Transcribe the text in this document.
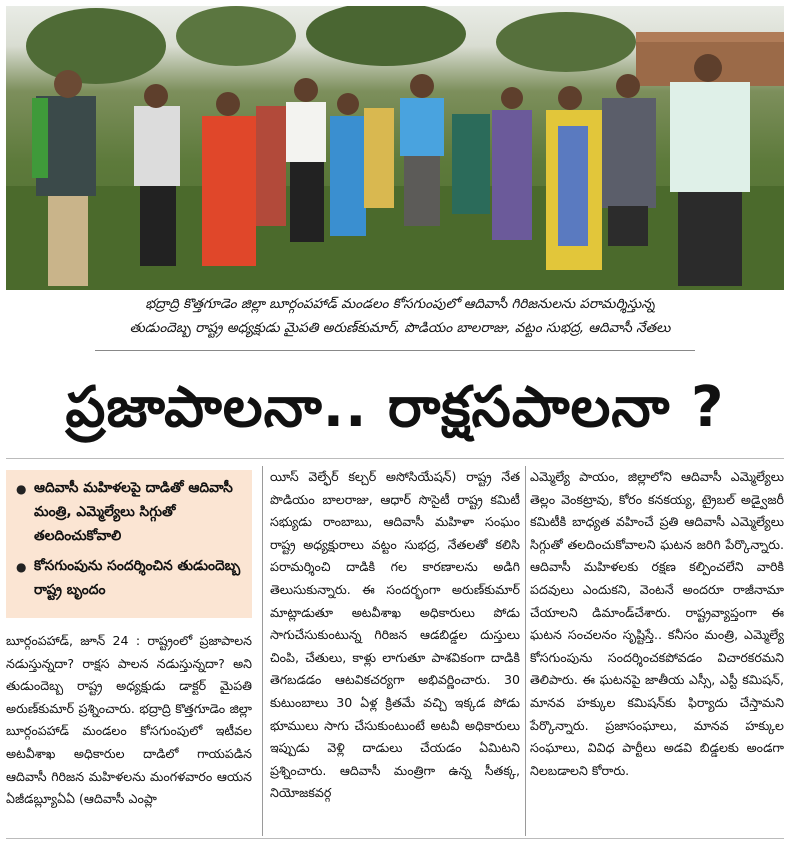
భద్రాద్రి కొత్తగూడెం జిల్లా బూర్గంపహాడ్ మండలం కోసగుంపులో ఆదివాసీ గిరిజనులను పరామర్శిస్తున్న
తుడుందెబ్బ రాష్ట్ర అధ్యక్షుడు మైపతి అరుణ్‌కుమార్, పొడియం బాలరాజు, వట్టం సుభద్ర, ఆదివాసీ నేతలు
ప్రజాపాలనా.. రాక్షసపాలనా ?
● ఆదివాసీ మహిళలపై దాడితో ఆదివాసీ మంత్రి, ఎమ్మెల్యేలు సిగ్గుతో తలదించుకోవాలి
● కోసగుంపును సందర్శించిన తుడుందెబ్బ రాష్ట్ర బృందం
బూర్గంపహాడ్, జూన్ 24 : రాష్ట్రంలో ప్రజాపాలన నడుస్తున్నదా? రాక్షస పాలన నడుస్తున్నదా? అని తుడుందెబ్బ రాష్ట్ర అధ్యక్షుడు డాక్టర్ మైపతి అరుణ్‌కుమార్ ప్రశ్నించారు. భద్రాద్రి కొత్తగూడెం జిల్లా బూర్గంపహాడ్ మండలం కోసగుంపులో ఇటీవల అటవీశాఖ అధికారుల దాడిలో గాయపడిన ఆదివాసీ గిరిజన మహిళలను మంగళవారం ఆయన ఏజీడబ్ల్యూఏఏ (ఆదివాసీ ఎంప్లా
యీస్ వెల్ఫేర్ కల్చర్ అసోసియేషన్) రాష్ట్ర నేత పొడియం బాలరాజు, ఆధార్ సొసైటీ రాష్ట్ర కమిటీ సభ్యుడు రాంబాబు, ఆదివాసీ మహిళా సంఘం రాష్ట్ర అధ్యక్షురాలు వట్టం సుభద్ర, నేతలతో కలిసి పరామర్శించి దాడికి గల కారణాలను అడిగి తెలుసుకున్నారు. ఈ సందర్భంగా అరుణ్‌కుమార్ మాట్లాడుతూ అటవీశాఖ అధికారులు పోడు సాగుచేసుకుంటున్న గిరిజన ఆడబిడ్డల దుస్తులు చింపి, చేతులు, కాళ్లు లాగుతూ పాశవికంగా దాడికి తెగబడడం ఆటవికచర్యగా అభివర్ణించారు. 30 కుటుంబాలు 30 ఏళ్ల క్రితమే వచ్చి ఇక్కడ పోడు భూములు సాగు చేసుకుంటుంటే అటవీ అధికారులు ఇప్పుడు వెళ్లి దాడులు చేయడం ఏమిటని ప్రశ్నించారు. ఆదివాసీ మంత్రిగా ఉన్న సీతక్క, నియోజకవర్గ
ఎమ్మెల్యే పాయం, జిల్లాలోని ఆదివాసీ ఎమ్మెల్యేలు తెల్లం వెంకట్రావు, కోరం కనకయ్య, ట్రైబల్ అడ్వైజరీ కమిటీకి బాధ్యత వహించే ప్రతి ఆదివాసీ ఎమ్మెల్యేలు సిగ్గుతో తలదించుకోవాలని ఘటన జరిగి పేర్కొన్నారు. ఆదివాసీ మహిళలకు రక్షణ కల్పించలేని వారికి పదవులు ఎందుకని, వెంటనే అందరూ రాజీనామా చేయాలని డిమాండ్‌చేశారు. రాష్ట్రవ్యాప్తంగా ఈ ఘటన సంచలనం సృష్టిస్తే.. కనీసం మంత్రి, ఎమ్మెల్యే కోసగుంపును సందర్శించకపోవడం విచారకరమని తెలిపారు. ఈ ఘటనపై జాతీయ ఎస్సీ, ఎస్టీ కమిషన్, మానవ హక్కుల కమిషన్‌కు ఫిర్యాదు చేస్తామని పేర్కొన్నారు. ప్రజాసంఘాలు, మానవ హక్కుల సంఘాలు, వివిధ పార్టీలు అడవి బిడ్డలకు అండగా నిలబడాలని కోరారు.
